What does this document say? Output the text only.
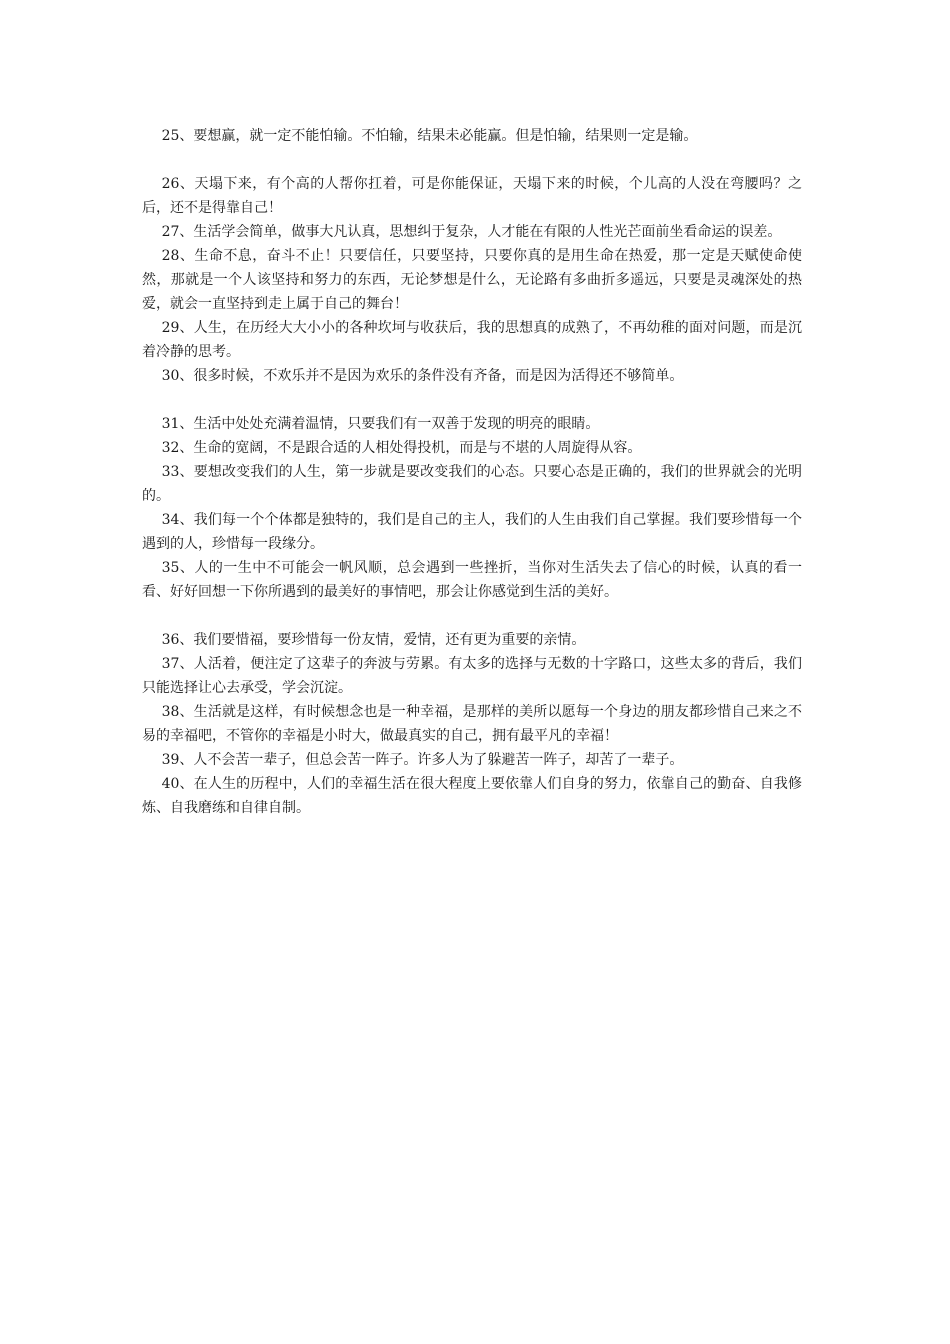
25、要想赢，就一定不能怕输。不怕输，结果未必能赢。但是怕输，结果则一定是输。

26、天塌下来，有个高的人帮你扛着，可是你能保证，天塌下来的时候，个儿高的人没在弯腰吗？之后，还不是得靠自己！

27、生活学会简单，做事大凡认真，思想纠于复杂，人才能在有限的人性光芒面前坐看命运的误差。

28、生命不息，奋斗不止！只要信任，只要坚持，只要你真的是用生命在热爱，那一定是天赋使命使然，那就是一个人该坚持和努力的东西，无论梦想是什么，无论路有多曲折多遥远，只要是灵魂深处的热爱，就会一直坚持到走上属于自己的舞台！

29、人生，在历经大大小小的各种坎坷与收获后，我的思想真的成熟了，不再幼稚的面对问题，而是沉着冷静的思考。

30、很多时候，不欢乐并不是因为欢乐的条件没有齐备，而是因为活得还不够简单。

31、生活中处处充满着温情，只要我们有一双善于发现的明亮的眼睛。

32、生命的宽阔，不是跟合适的人相处得投机，而是与不堪的人周旋得从容。

33、要想改变我们的人生，第一步就是要改变我们的心态。只要心态是正确的，我们的世界就会的光明的。

34、我们每一个个体都是独特的，我们是自己的主人，我们的人生由我们自己掌握。我们要珍惜每一个遇到的人，珍惜每一段缘分。

35、人的一生中不可能会一帆风顺，总会遇到一些挫折，当你对生活失去了信心的时候，认真的看一看、好好回想一下你所遇到的最美好的事情吧，那会让你感觉到生活的美好。

36、我们要惜福，要珍惜每一份友情，爱情，还有更为重要的亲情。

37、人活着，便注定了这辈子的奔波与劳累。有太多的选择与无数的十字路口，这些太多的背后，我们只能选择让心去承受，学会沉淀。

38、生活就是这样，有时候想念也是一种幸福，是那样的美所以愿每一个身边的朋友都珍惜自己来之不易的幸福吧，不管你的幸福是小时大，做最真实的自己，拥有最平凡的幸福！

39、人不会苦一辈子，但总会苦一阵子。许多人为了躲避苦一阵子，却苦了一辈子。

40、在人生的历程中，人们的幸福生活在很大程度上要依靠人们自身的努力，依靠自己的勤奋、自我修炼、自我磨练和自律自制。
